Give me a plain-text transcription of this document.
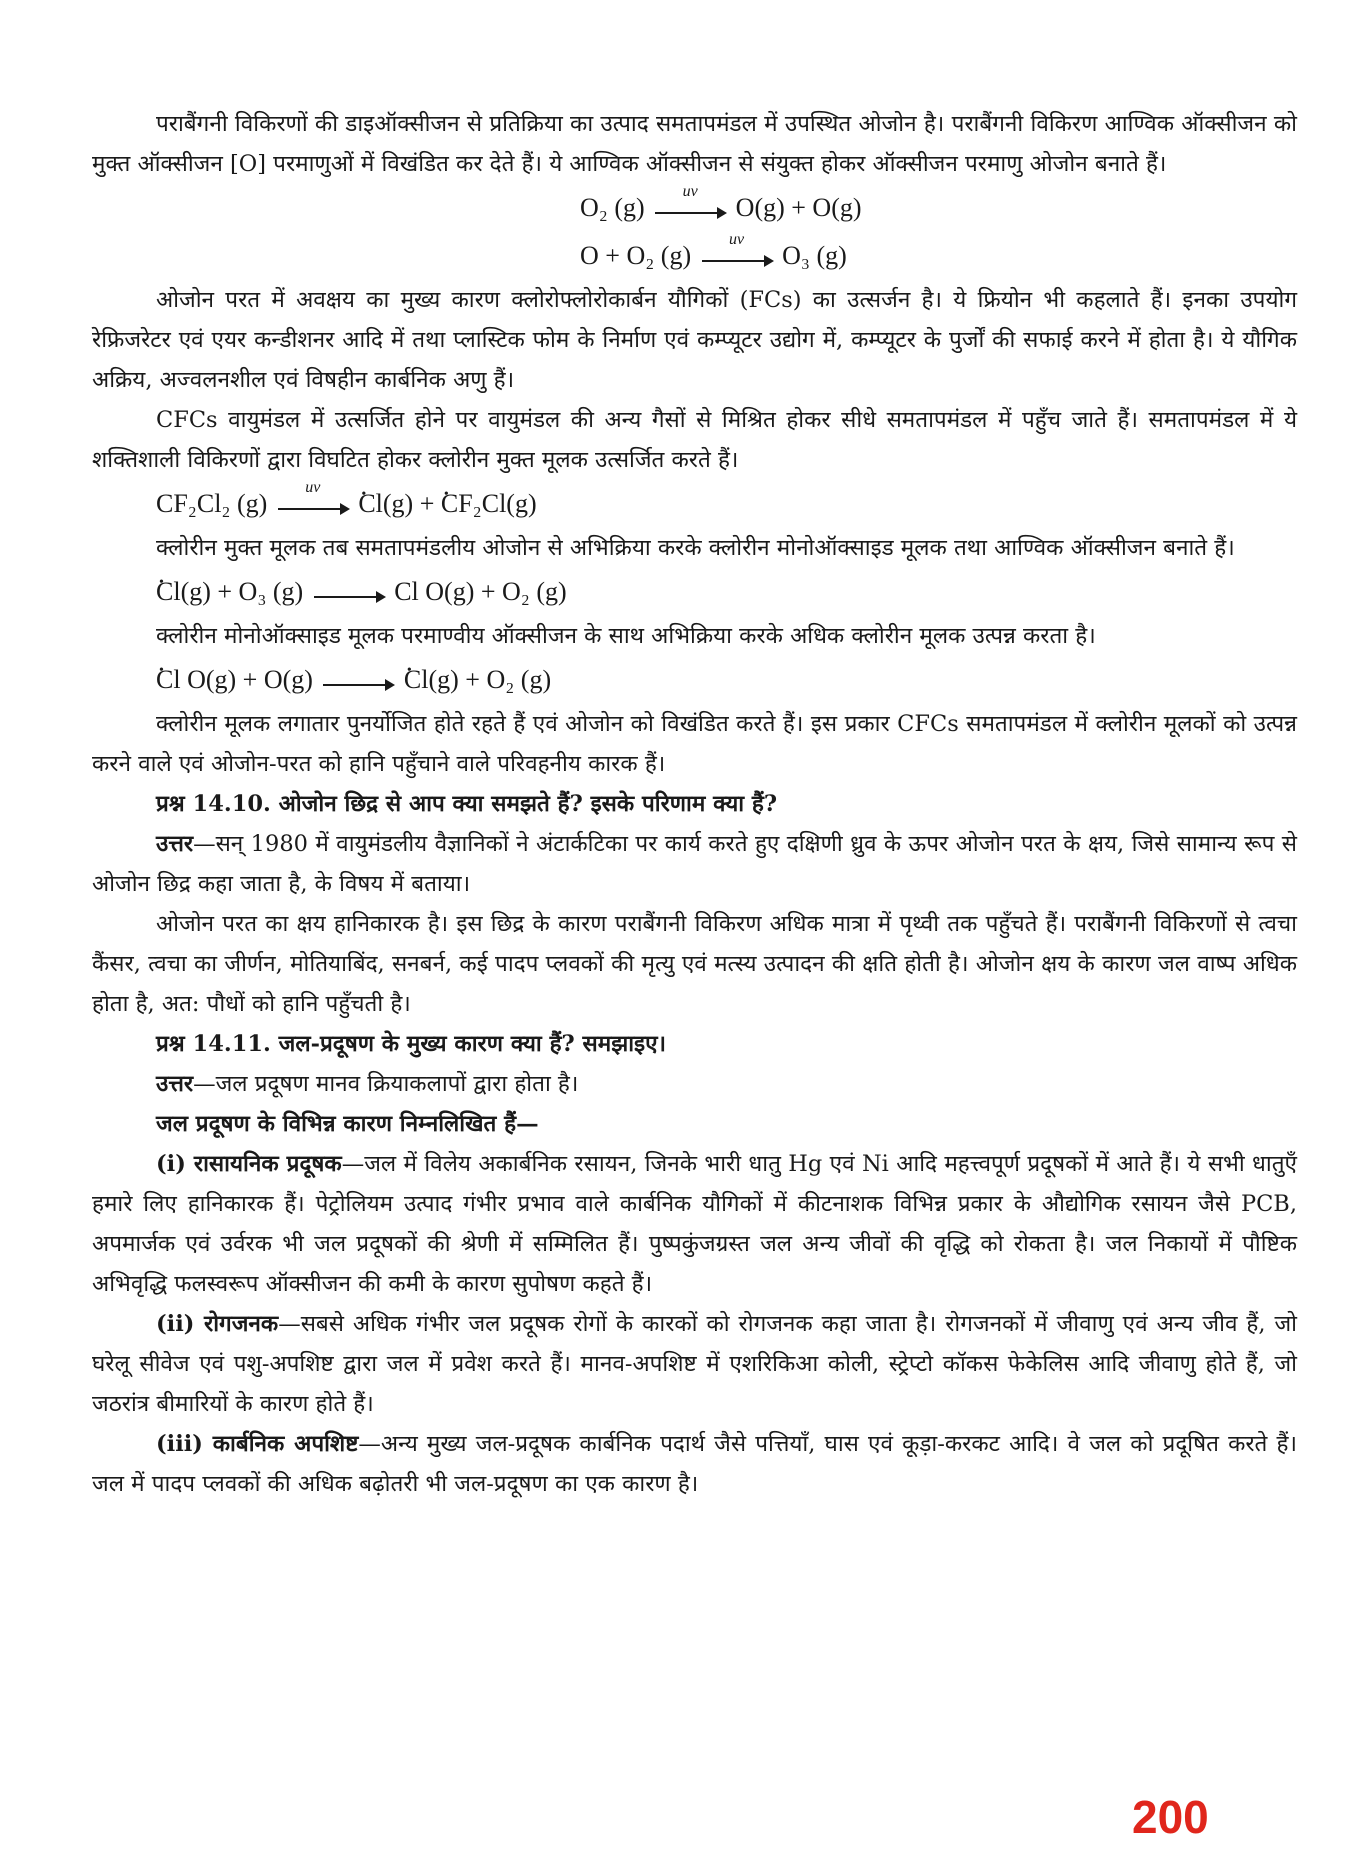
पराबैंगनी विकिरणों की डाइऑक्सीजन से प्रतिक्रिया का उत्पाद समतापमंडल में उपस्थित ओजोन है। पराबैंगनी विकिरण आण्विक ऑक्सीजन को मुक्त ऑक्सीजन [O] परमाणुओं में विखंडित कर देते हैं। ये आण्विक ऑक्सीजन से संयुक्त होकर ऑक्सीजन परमाणु ओजोन बनाते हैं।

O₂ (g)
uv
O(g) + O(g)
O + O₂ (g)
uv
O₃ (g)

ओजोन परत में अवक्षय का मुख्य कारण क्लोरोफ्लोरोकार्बन यौगिकों (FCs) का उत्सर्जन है। ये फ्रियोन भी कहलाते हैं। इनका उपयोग रेफ्रिजरेटर एवं एयर कन्डीशनर आदि में तथा प्लास्टिक फोम के निर्माण एवं कम्प्यूटर उद्योग में, कम्प्यूटर के पुर्जों की सफाई करने में होता है। ये यौगिक अक्रिय, अज्वलनशील एवं विषहीन कार्बनिक अणु हैं।

CFCs वायुमंडल में उत्सर्जित होने पर वायुमंडल की अन्य गैसों से मिश्रित होकर सीधे समतापमंडल में पहुँच जाते हैं। समतापमंडल में ये शक्तिशाली विकिरणों द्वारा विघटित होकर क्लोरीन मुक्त मूलक उत्सर्जित करते हैं।

CF₂Cl₂ (g)
uv
• Cl(g) + • CF₂Cl(g)

क्लोरीन मुक्त मूलक तब समतापमंडलीय ओजोन से अभिक्रिया करके क्लोरीन मोनोऑक्साइड मूलक तथा आण्विक ऑक्सीजन बनाते हैं।

• Cl(g) + O₃ (g)	Cl O(g) + O₂ (g)

क्लोरीन मोनोऑक्साइड मूलक परमाण्वीय ऑक्सीजन के साथ अभिक्रिया करके अधिक क्लोरीन मूलक उत्पन्न करता है।

• Cl O(g) + O(g)	• Cl(g) + O₂ (g)

क्लोरीन मूलक लगातार पुनर्योजित होते रहते हैं एवं ओजोन को विखंडित करते हैं। इस प्रकार CFCs समतापमंडल में क्लोरीन मूलकों को उत्पन्न करने वाले एवं ओजोन-परत को हानि पहुँचाने वाले परिवहनीय कारक हैं।

प्रश्न 14.10. ओजोन छिद्र से आप क्या समझते हैं? इसके परिणाम क्या हैं?

उत्तर—सन् 1980 में वायुमंडलीय वैज्ञानिकों ने अंटार्कटिका पर कार्य करते हुए दक्षिणी ध्रुव के ऊपर ओजोन परत के क्षय, जिसे सामान्य रूप से ओजोन छिद्र कहा जाता है, के विषय में बताया।

ओजोन परत का क्षय हानिकारक है। इस छिद्र के कारण पराबैंगनी विकिरण अधिक मात्रा में पृथ्वी तक पहुँचते हैं। पराबैंगनी विकिरणों से त्वचा कैंसर, त्वचा का जीर्णन, मोतियाबिंद, सनबर्न, कई पादप प्लवकों की मृत्यु एवं मत्स्य उत्पादन की क्षति होती है। ओजोन क्षय के कारण जल वाष्प अधिक होता है, अत: पौधों को हानि पहुँचती है।

प्रश्न 14.11. जल-प्रदूषण के मुख्य कारण क्या हैं? समझाइए।

उत्तर—जल प्रदूषण मानव क्रियाकलापों द्वारा होता है।

जल प्रदूषण के विभिन्न कारण निम्नलिखित हैं—

(i) रासायनिक प्रदूषक—जल में विलेय अकार्बनिक रसायन, जिनके भारी धातु Hg एवं Ni आदि महत्त्वपूर्ण प्रदूषकों में आते हैं। ये सभी धातुएँ हमारे लिए हानिकारक हैं। पेट्रोलियम उत्पाद गंभीर प्रभाव वाले कार्बनिक यौगिकों में कीटनाशक विभिन्न प्रकार के औद्योगिक रसायन जैसे PCB, अपमार्जक एवं उर्वरक भी जल प्रदूषकों की श्रेणी में सम्मिलित हैं। पुष्पकुंजग्रस्त जल अन्य जीवों की वृद्धि को रोकता है। जल निकायों में पौष्टिक अभिवृद्धि फलस्वरूप ऑक्सीजन की कमी के कारण सुपोषण कहते हैं।

(ii) रोगजनक—सबसे अधिक गंभीर जल प्रदूषक रोगों के कारकों को रोगजनक कहा जाता है। रोगजनकों में जीवाणु एवं अन्य जीव हैं, जो घरेलू सीवेज एवं पशु-अपशिष्ट द्वारा जल में प्रवेश करते हैं। मानव-अपशिष्ट में एशरिकिआ कोली, स्ट्रेप्टो कॉकस फेकेलिस आदि जीवाणु होते हैं, जो जठरांत्र बीमारियों के कारण होते हैं।

(iii) कार्बनिक अपशिष्ट—अन्य मुख्य जल-प्रदूषक कार्बनिक पदार्थ जैसे पत्तियाँ, घास एवं कूड़ा-करकट आदि। वे जल को प्रदूषित करते हैं। जल में पादप प्लवकों की अधिक बढ़ोतरी भी जल-प्रदूषण का एक कारण है।

200
